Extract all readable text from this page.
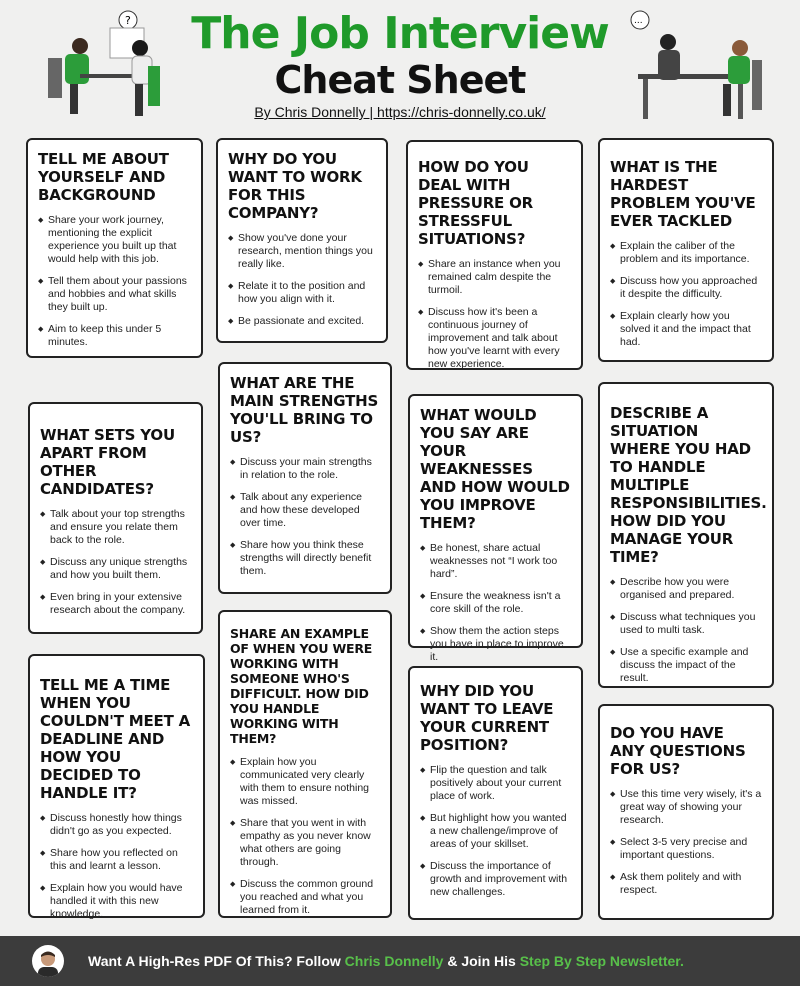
?	...
The Job Interview
Cheat Sheet
By Chris Donnelly | https://chris-donnelly.co.uk/
TELL ME ABOUT YOURSELF AND BACKGROUND
◆ Share your work journey, mentioning the explicit experience you built up that would help with this job.
◆ Tell them about your passions and hobbies and what skills they built up.
◆ Aim to keep this under 5 minutes.
WHY DO YOU WANT TO WORK FOR THIS COMPANY?
◆ Show you've done your research, mention things you really like.
◆ Relate it to the position and how you align with it.
◆ Be passionate and excited.
HOW DO YOU DEAL WITH PRESSURE OR STRESSFUL SITUATIONS?
◆ Share an instance when you remained calm despite the turmoil.
◆ Discuss how it's been a continuous journey of improvement and talk about how you've learnt with every new experience.
WHAT IS THE HARDEST PROBLEM YOU'VE EVER TACKLED
◆ Explain the caliber of the problem and its importance.
◆ Discuss how you approached it despite the difficulty.
◆ Explain clearly how you solved it and the impact that had.
WHAT SETS YOU APART FROM OTHER CANDIDATES?
◆ Talk about your top strengths and ensure you relate them back to the role.
◆ Discuss any unique strengths and how you built them.
◆ Even bring in your extensive research about the company.
WHAT ARE THE MAIN STRENGTHS YOU'LL BRING TO US?
◆ Discuss your main strengths in relation to the role.
◆ Talk about any experience and how these developed over time.
◆ Share how you think these strengths will directly benefit them.
WHAT WOULD YOU SAY ARE YOUR WEAKNESSES AND HOW WOULD YOU IMPROVE THEM?
◆ Be honest, share actual weaknesses not “I work too hard”.
◆ Ensure the weakness isn't a core skill of the role.
◆ Show them the action steps you have in place to improve it.
DESCRIBE A SITUATION WHERE YOU HAD TO HANDLE MULTIPLE RESPONSIBILITIES. HOW DID YOU MANAGE YOUR TIME?
◆ Describe how you were organised and prepared.
◆ Discuss what techniques you used to multi task.
◆ Use a specific example and discuss the impact of the result.
TELL ME A TIME WHEN YOU COULDN'T MEET A DEADLINE AND HOW YOU DECIDED TO HANDLE IT?
◆ Discuss honestly how things didn't go as you expected.
◆ Share how you reflected on this and learnt a lesson.
◆ Explain how you would have handled it with this new knowledge.
SHARE AN EXAMPLE OF WHEN YOU WERE WORKING WITH SOMEONE WHO'S DIFFICULT. HOW DID YOU HANDLE WORKING WITH THEM?
◆ Explain how you communicated very clearly with them to ensure nothing was missed.
◆ Share that you went in with empathy as you never know what others are going through.
◆ Discuss the common ground you reached and what you learned from it.
WHY DID YOU WANT TO LEAVE YOUR CURRENT POSITION?
◆ Flip the question and talk positively about your current place of work.
◆ But highlight how you wanted a new challenge/improve of areas of your skillset.
◆ Discuss the importance of growth and improvement with new challenges.
DO YOU HAVE ANY QUESTIONS FOR US?
◆ Use this time very wisely, it's a great way of showing your research.
◆ Select 3-5 very precise and important questions.
◆ Ask them politely and with respect.
Want A High-Res PDF Of This? Follow Chris Donnelly & Join His Step By Step Newsletter.
